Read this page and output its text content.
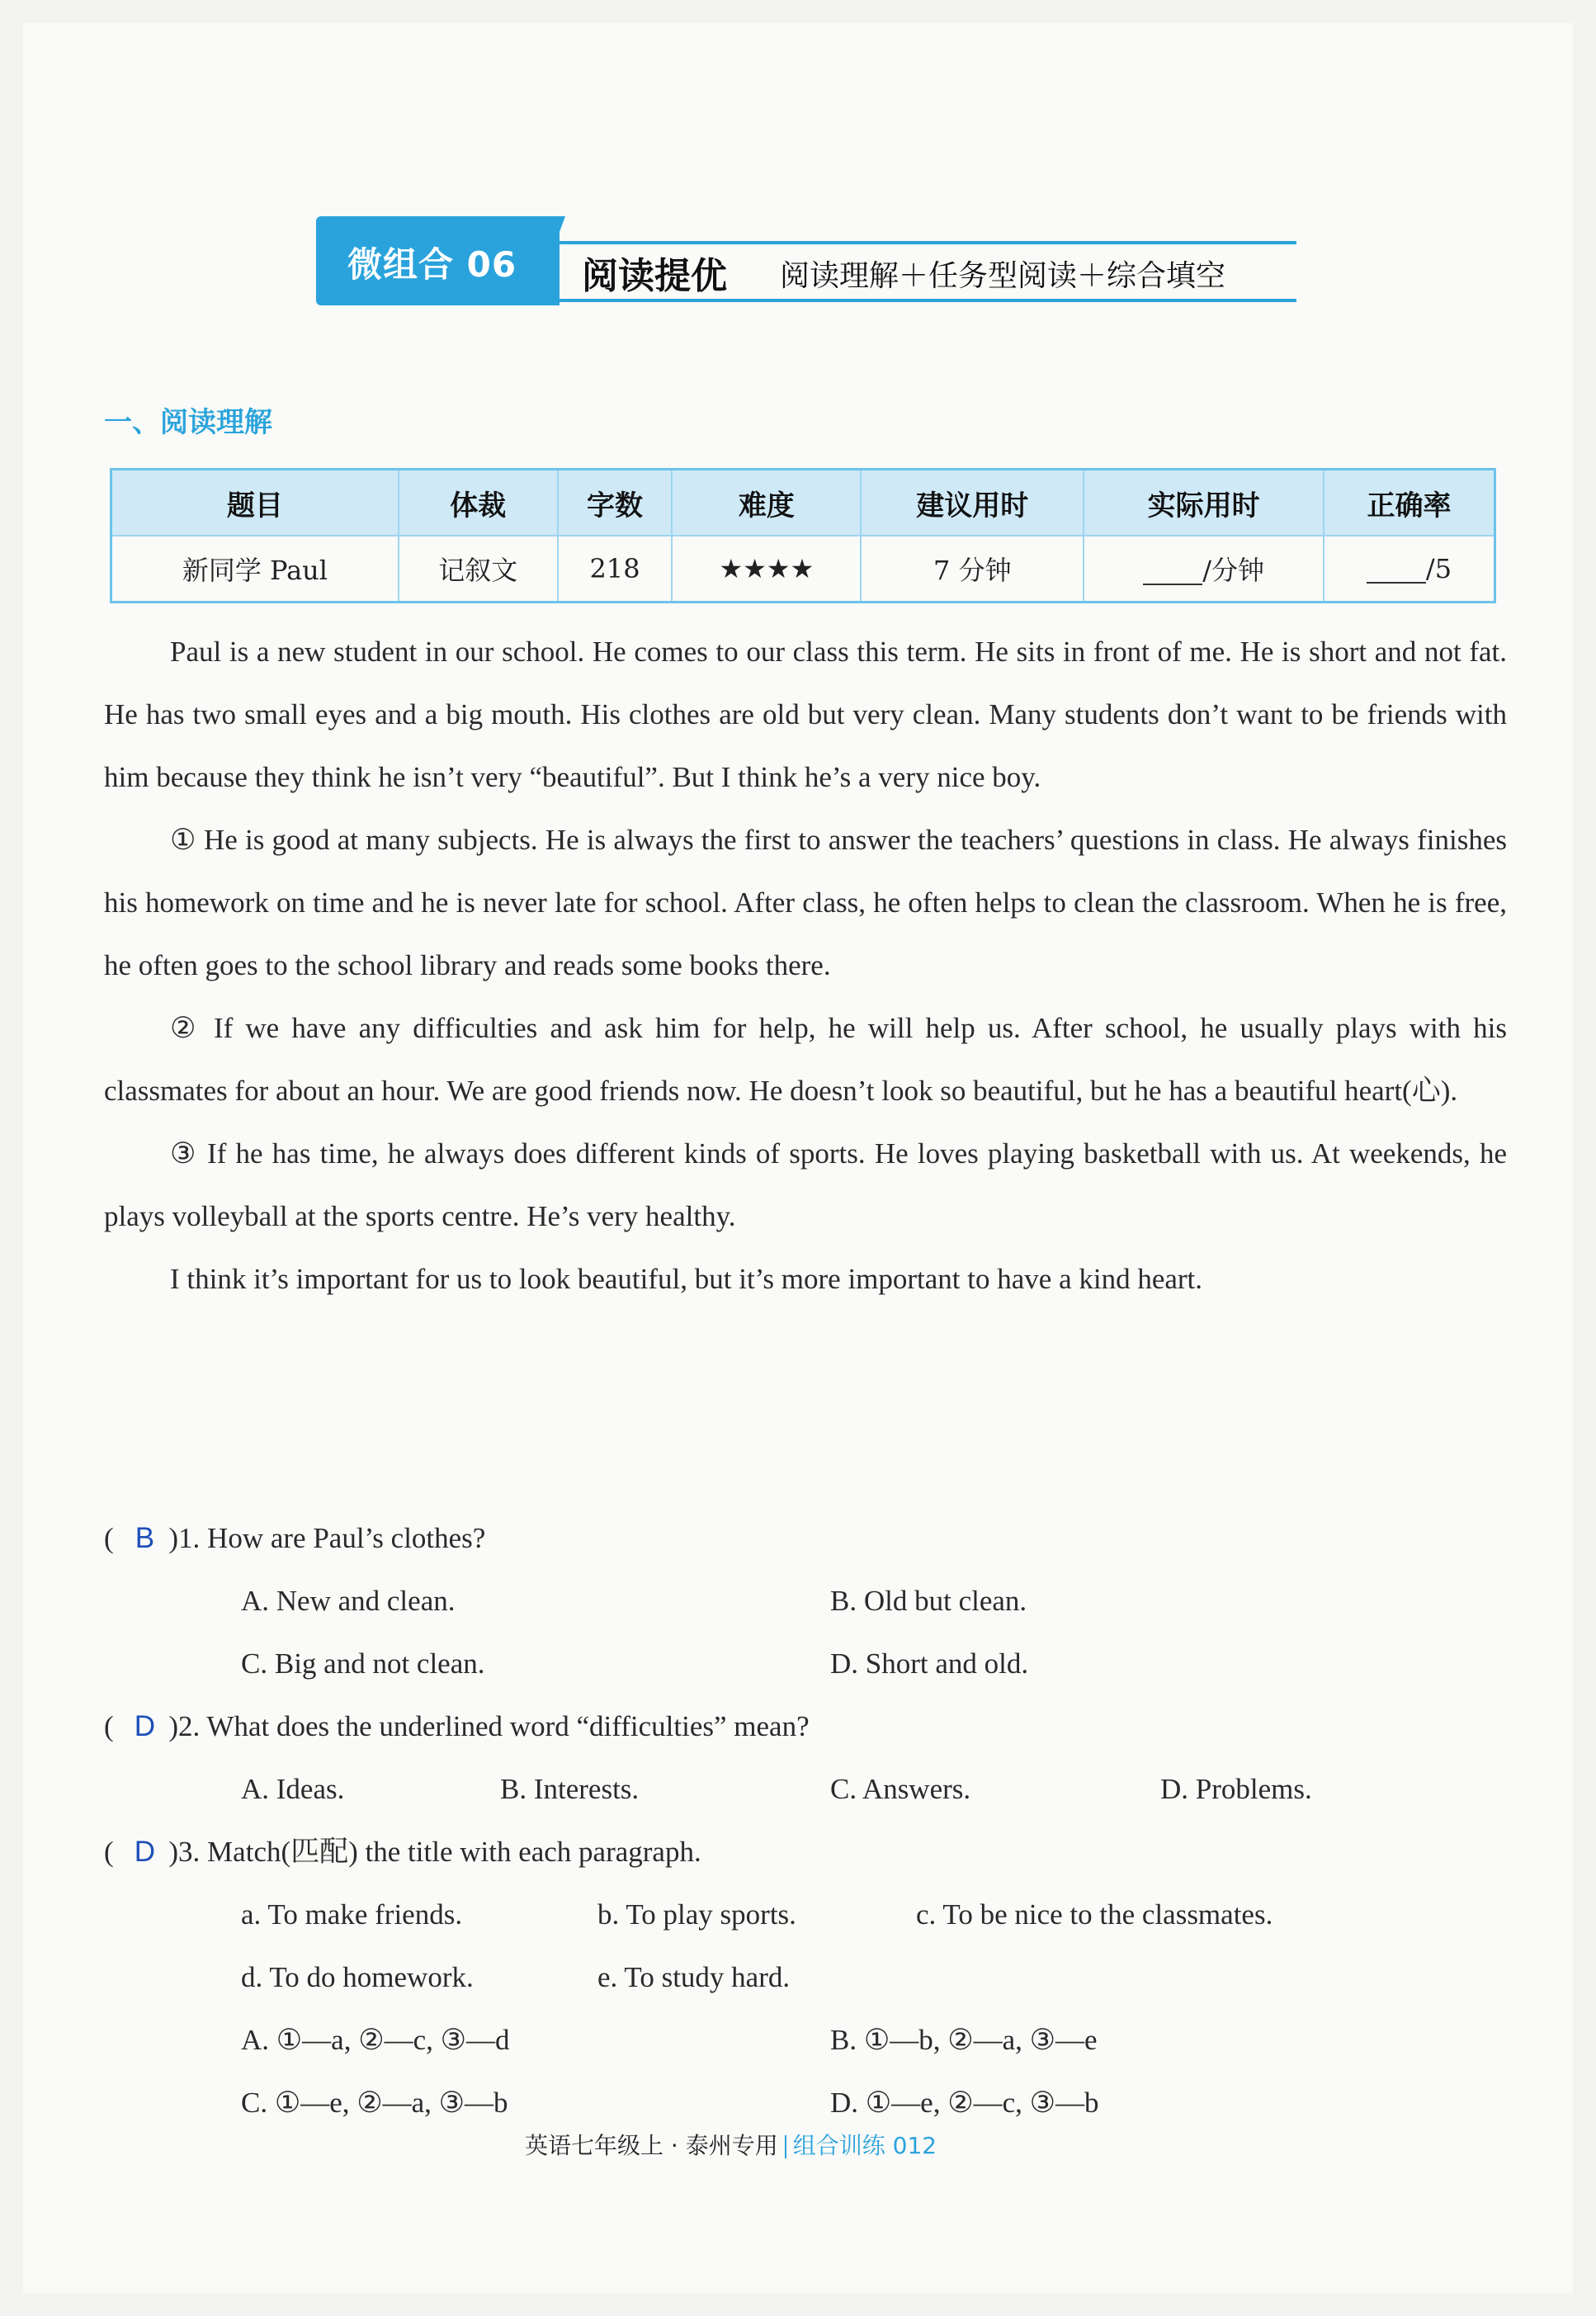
微组合 06 阅读提优 阅读理解＋任务型阅读＋综合填空
一、阅读理解
题目	体裁	字数	难度	建议用时	实际用时	正确率
新同学 Paul	记叙文	218	★★★★	7 分钟	/分钟	/5

Paul is a new student in our school. He comes to our class this term. He sits in front of me. He is short and not fat. He has two small eyes and a big mouth. His clothes are old but very clean. Many students don’t want to be friends with him because they think he isn’t very “beautiful”. But I think he’s a very nice boy.

① He is good at many subjects. He is always the first to answer the teachers’ questions in class. He always finishes his homework on time and he is never late for school. After class, he often helps to clean the classroom. When he is free, he often goes to the school library and reads some books there.

② If we have any difficulties and ask him for help, he will help us. After school, he usually plays with his classmates for about an hour. We are good friends now. He doesn’t look so beautiful, but he has a beautiful heart(心).

③ If he has time, he always does different kinds of sports. He loves playing basketball with us. At weekends, he plays volleyball at the sports centre. He’s very healthy.

I think it’s important for us to look beautiful, but it’s more important to have a kind heart.

( B )1. How are Paul’s clothes?
A. New and clean.	B. Old but clean.
C. Big and not clean.	D. Short and old.
( D )2. What does the underlined word “difficulties” mean?
A. Ideas.	B. Interests.	C. Answers.	D. Problems.
( D )3. Match(匹配) the title with each paragraph.
a. To make friends.	b. To play sports.	c. To be nice to the classmates.
d. To do homework.	e. To study hard.
A. ①—a, ②—c, ③—d	B. ①—b, ②—a, ③—e
C. ①—e, ②—a, ③—b	D. ①—e, ②—c, ③—b
英语七年级上 · 泰州专用 组合训练 012
